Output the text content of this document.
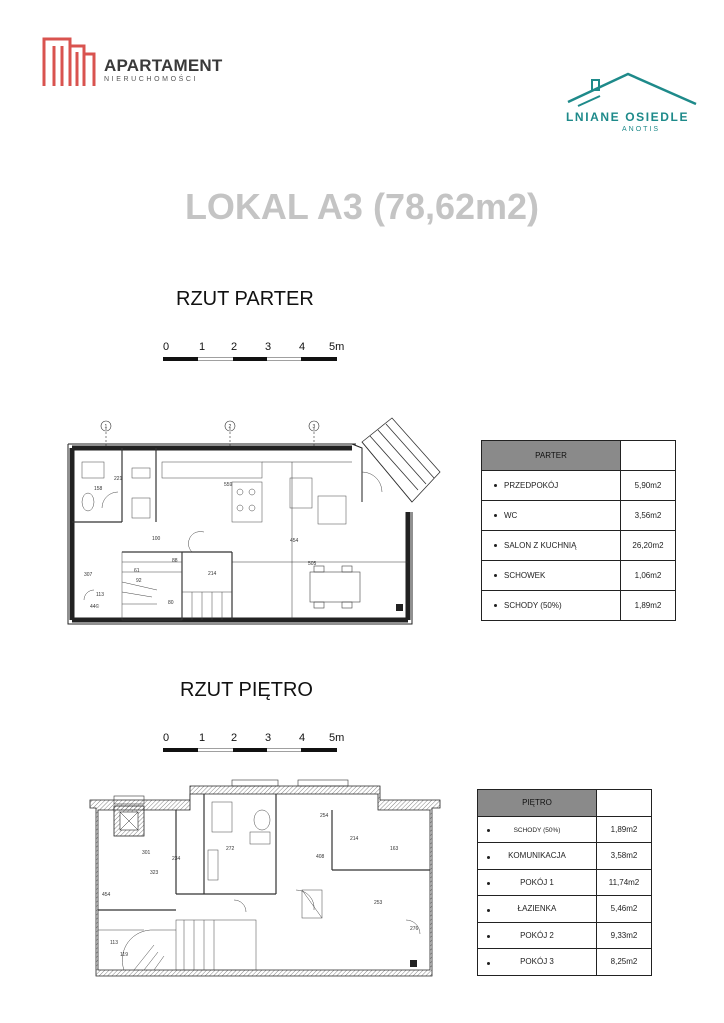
APARTAMENT
NIERUCHOMOŚCI
LNIANE OSIEDLE
ANOTIS
LOKAL A3 (78,62m2)
RZUT PARTER
0	1 2	3	4 5m
1	2	3
221
559
158
100	454
88
61
307
113
505
214
92
80
44©
PARTER	
PRZEDPOKÓJ	5,90m2
WC	3,56m2
SALON Z KUCHNIĄ	26,20m2
SCHOWEK	1,06m2
SCHODY (50%)	1,89m2
RZUT PIĘTRO
0	1 2	3	4 5m
254
301
234
272
214
163
323
408
454
253
276
113
119
PIĘTRO	

SCHODY (50%)	1,89m2

KOMUNIKACJA	3,58m2

POKÓJ 1	11,74m2

ŁAZIENKA	5,46m2

POKÓJ 2	9,33m2

POKÓJ 3	8,25m2
